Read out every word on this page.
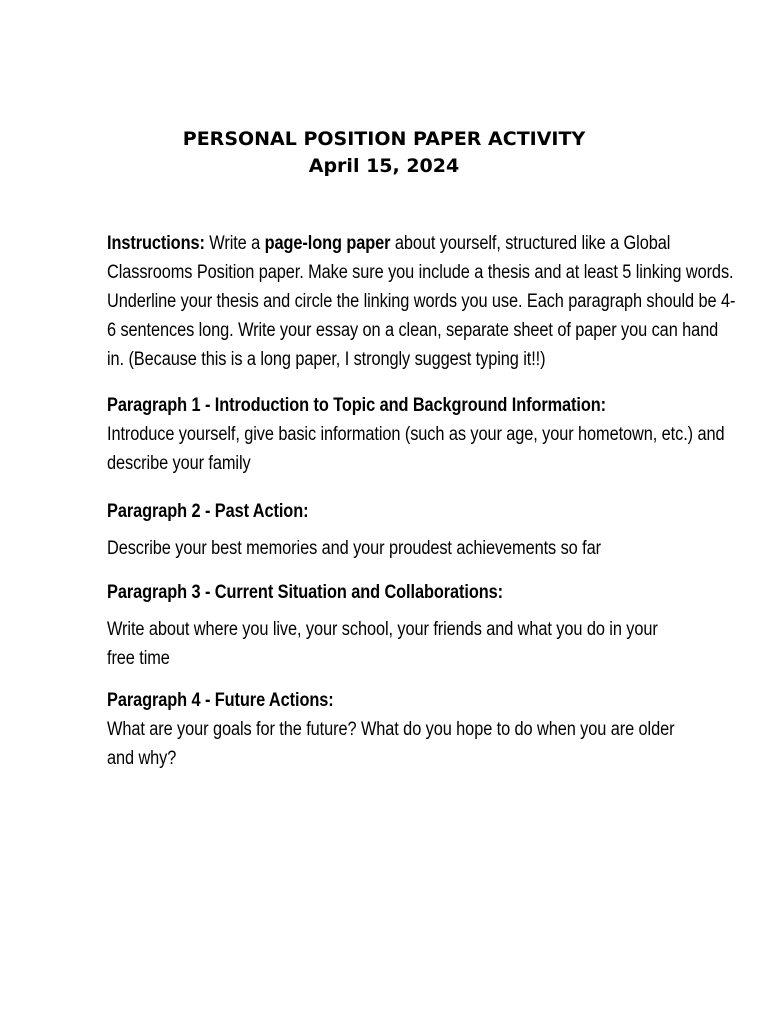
PERSONAL POSITION PAPER ACTIVITY
April 15, 2024
Instructions: Write a page-long paper about yourself, structured like a Global
Classrooms Position paper. Make sure you include a thesis and at least 5 linking words.
Underline your thesis and circle the linking words you use. Each paragraph should be 4-
6 sentences long. Write your essay on a clean, separate sheet of paper you can hand
in. (Because this is a long paper, I strongly suggest typing it!!)
Paragraph 1 - Introduction to Topic and Background Information:
Introduce yourself, give basic information (such as your age, your hometown, etc.) and
describe your family
Paragraph 2 - Past Action:
Describe your best memories and your proudest achievements so far
Paragraph 3 - Current Situation and Collaborations:
Write about where you live, your school, your friends and what you do in your
free time
Paragraph 4 - Future Actions:
What are your goals for the future? What do you hope to do when you are older
and why?
